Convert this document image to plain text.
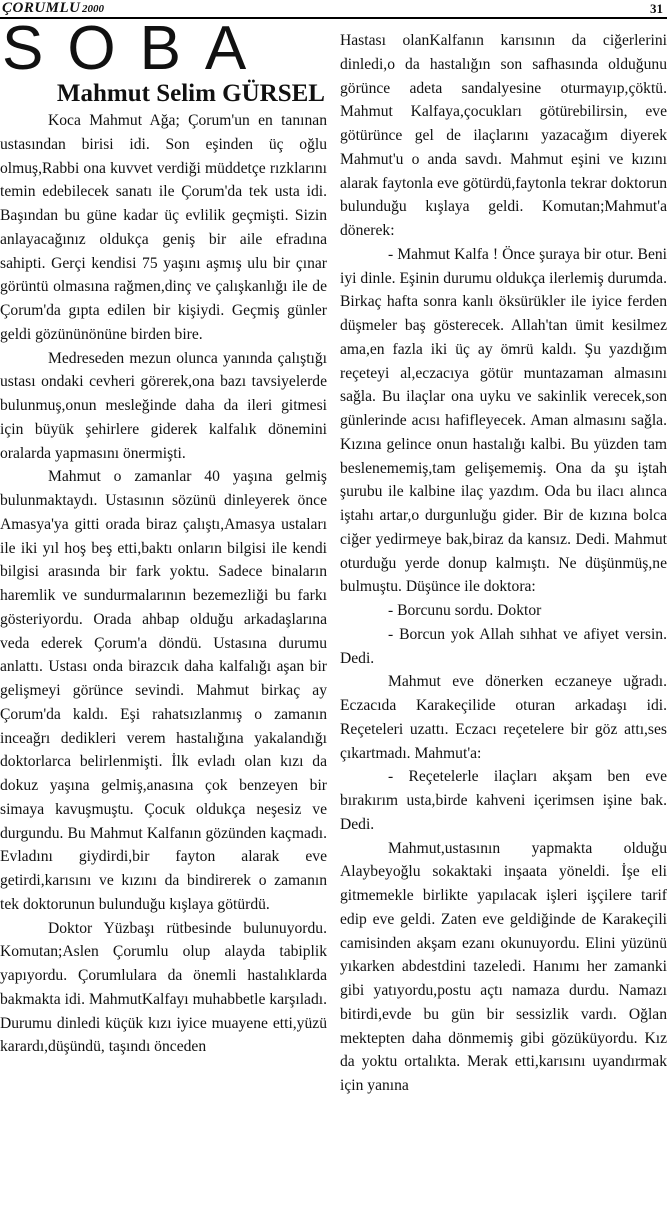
ÇORUMLU 2000	31
SOBA
Mahmut Selim GÜRSEL

Koca Mahmut Ağa; Çorum'un en tanınan ustasından birisi idi. Son eşinden üç oğlu olmuş,Rabbi ona kuvvet verdiği müddetçe rızklarını temin edebilecek sanatı ile Çorum'da tek usta idi. Başından bu güne kadar üç evlilik geçmişti. Sizin anlayacağınız oldukça geniş bir aile efradına sahipti. Gerçi kendisi 75 yaşını aşmış ulu bir çınar görüntü olmasına rağmen,dinç ve çalışkanlığı ile de Çorum'da gıpta edilen bir kişiydi. Geçmiş günler geldi gözününönüne birden bire.

Medreseden mezun olunca yanında çalıştığı ustası ondaki cevheri görerek,ona bazı tavsiyelerde bulunmuş,onun mesleğinde daha da ileri gitmesi için büyük şehirlere giderek kalfalık dönemini oralarda yapmasını önermişti.

Mahmut o zamanlar 40 yaşına gelmiş bulunmaktaydı. Ustasının sözünü dinleyerek önce Amasya'ya gitti orada biraz çalıştı,Amasya ustaları ile iki yıl hoş beş etti,baktı onların bilgisi ile kendi bilgisi arasında bir fark yoktu. Sadece binaların haremlik ve sundurmalarının bezemezliği bu farkı gösteriyordu. Orada ahbap olduğu arkadaşlarına veda ederek Çorum'a döndü. Ustasına durumu anlattı. Ustası onda birazcık daha kalfalığı aşan bir gelişmeyi görünce sevindi. Mahmut birkaç ay Çorum'da kaldı. Eşi rahatsızlanmış o zamanın inceağrı dedikleri verem hastalığına yakalandığı doktorlarca belirlenmişti. İlk evladı olan kızı da dokuz yaşına gelmiş,anasına çok benzeyen bir simaya kavuşmuştu. Çocuk oldukça neşesiz ve durgundu. Bu Mahmut Kalfanın gözünden kaçmadı. Evladını giydirdi,bir fayton alarak eve getirdi,karısını ve kızını da bindirerek o zamanın tek doktorunun bulunduğu kışlaya götürdü.

Doktor Yüzbaşı rütbesinde bulunuyordu. Komutan;Aslen Çorumlu olup alayda tabiplik yapıyordu. Çorumlulara da önemli hastalıklarda bakmakta idi. MahmutKalfayı muhabbetle karşıladı. Durumu dinledi küçük kızı iyice muayene etti,yüzü karardı,düşündü, taşındı önceden

Hastası olanKalfanın karısının da ciğerlerini dinledi,o da hastalığın son safhasında olduğunu görünce adeta sandalyesine oturmayıp,çöktü. Mahmut Kalfaya,çocukları götürebilirsin, eve götürünce gel de ilaçlarını yazacağım diyerek Mahmut'u o anda savdı. Mahmut eşini ve kızını alarak faytonla eve götürdü,faytonla tekrar doktorun bulunduğu kışlaya geldi. Komutan;Mahmut'a dönerek:

- Mahmut Kalfa ! Önce şuraya bir otur. Beni iyi dinle. Eşinin durumu oldukça ilerlemiş durumda. Birkaç hafta sonra kanlı öksürükler ile iyice ferden düşmeler baş gösterecek. Allah'tan ümit kesilmez ama,en fazla iki üç ay ömrü kaldı. Şu yazdığım reçeteyi al,eczacıya götür muntazaman almasını sağla. Bu ilaçlar ona uyku ve sakinlik verecek,son günlerinde acısı hafifleyecek. Aman almasını sağla. Kızına gelince onun hastalığı kalbi. Bu yüzden tam beslenememiş,tam gelişememiş. Ona da şu iştah şurubu ile kalbine ilaç yazdım. Oda bu ilacı alınca iştahı artar,o durgunluğu gider. Bir de kızına bolca ciğer yedirmeye bak,biraz da kansız. Dedi. Mahmut oturduğu yerde donup kalmıştı. Ne düşünmüş,ne bulmuştu. Düşünce ile doktora:

- Borcunu sordu. Doktor

- Borcun yok Allah sıhhat ve afiyet versin. Dedi.

Mahmut eve dönerken eczaneye uğradı. Eczacıda Karakeçilide oturan arkadaşı idi. Reçeteleri uzattı. Eczacı reçetelere bir göz attı,ses çıkartmadı. Mahmut'a:

- Reçetelerle ilaçları akşam ben eve bırakırım usta,birde kahveni içerimsen işine bak. Dedi.

Mahmut,ustasının yapmakta olduğu Alaybeyoğlu sokaktaki inşaata yöneldi. İşe eli gitmemekle birlikte yapılacak işleri işçilere tarif edip eve geldi. Zaten eve geldiğinde de Karakeçili camisinden akşam ezanı okunuyordu. Elini yüzünü yıkarken abdestdini tazeledi. Hanımı her zamanki gibi yatıyordu,postu açtı namaza durdu. Namazı bitirdi,evde bu gün bir sessizlik vardı. Oğlan mektepten daha dönmemiş gibi gözüküyordu. Kız da yoktu ortalıkta. Merak etti,karısını uyandırmak için yanına
